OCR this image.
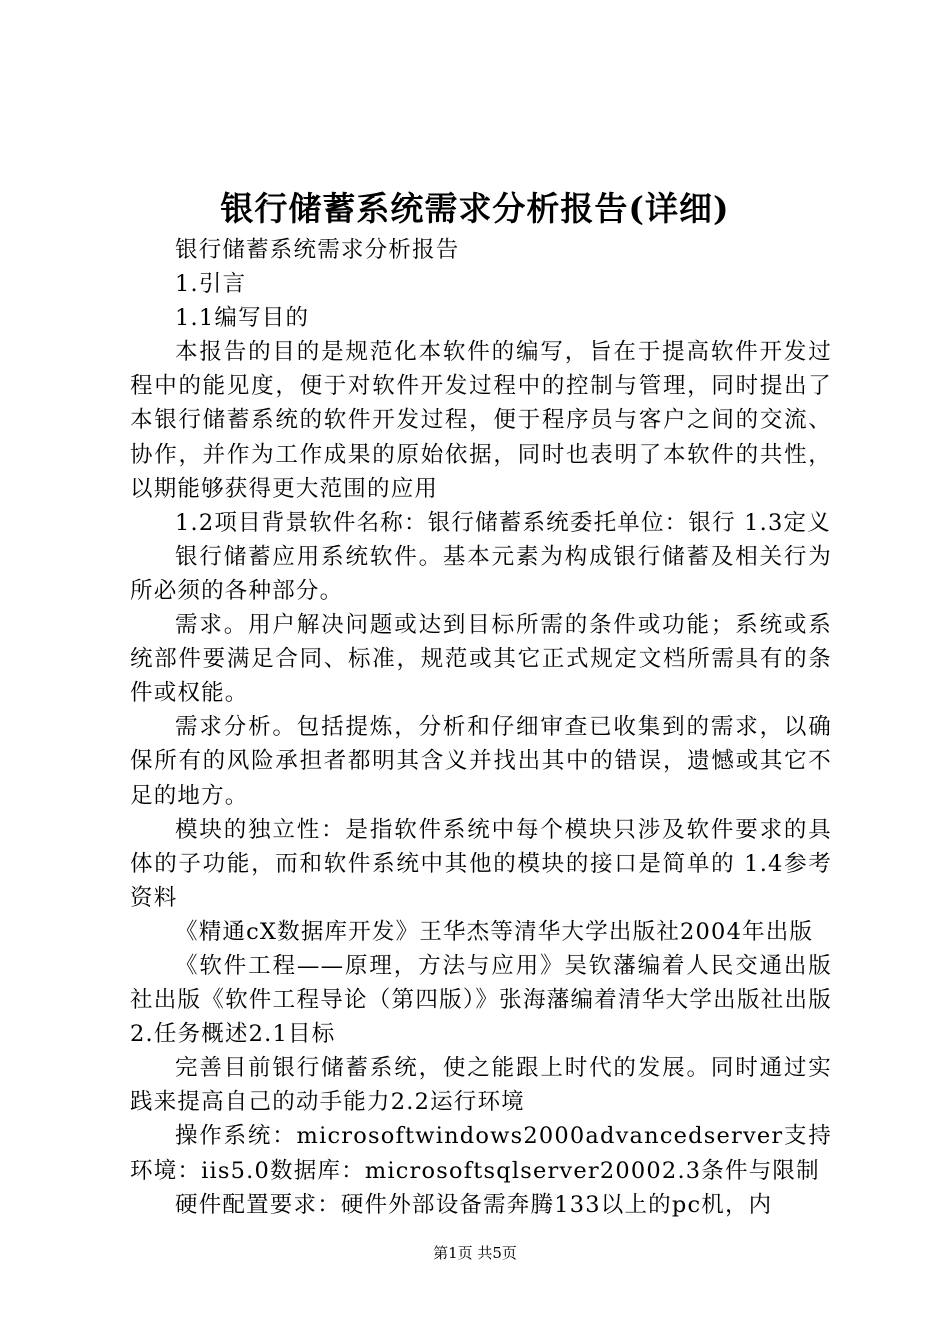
银行储蓄系统需求分析报告(详细)

银行储蓄系统需求分析报告

1.引言

1.1编写目的

本报告的目的是规范化本软件的编写，旨在于提高软件开发过程中的能见度，便于对软件开发过程中的控制与管理，同时提出了本银行储蓄系统的软件开发过程，便于程序员与客户之间的交流、协作，并作为工作成果的原始依据，同时也表明了本软件的共性，以期能够获得更大范围的应用

1.2项目背景软件名称：银行储蓄系统委托单位：银行 1.3定义

银行储蓄应用系统软件。基本元素为构成银行储蓄及相关行为所必须的各种部分。

需求。用户解决问题或达到目标所需的条件或功能；系统或系统部件要满足合同、标准，规范或其它正式规定文档所需具有的条件或权能。

需求分析。包括提炼，分析和仔细审查已收集到的需求，以确保所有的风险承担者都明其含义并找出其中的错误，遗憾或其它不足的地方。

模块的独立性：是指软件系统中每个模块只涉及软件要求的具体的子功能，而和软件系统中其他的模块的接口是简单的 1.4参考资料

《精通cX数据库开发》王华杰等清华大学出版社2004年出版

《软件工程——原理，方法与应用》吴钦藩编着人民交通出版社出版《软件工程导论（第四版）》张海藩编着清华大学出版社出版2.任务概述2.1目标

完善目前银行储蓄系统，使之能跟上时代的发展。同时通过实践来提高自己的动手能力2.2运行环境

操作系统：microsoftwindows2000advancedserver支持环境：iis5.0数据库：microsoftsqlserver20002.3条件与限制

硬件配置要求：硬件外部设备需奔腾133以上的pc机，内

第1页 共5页
